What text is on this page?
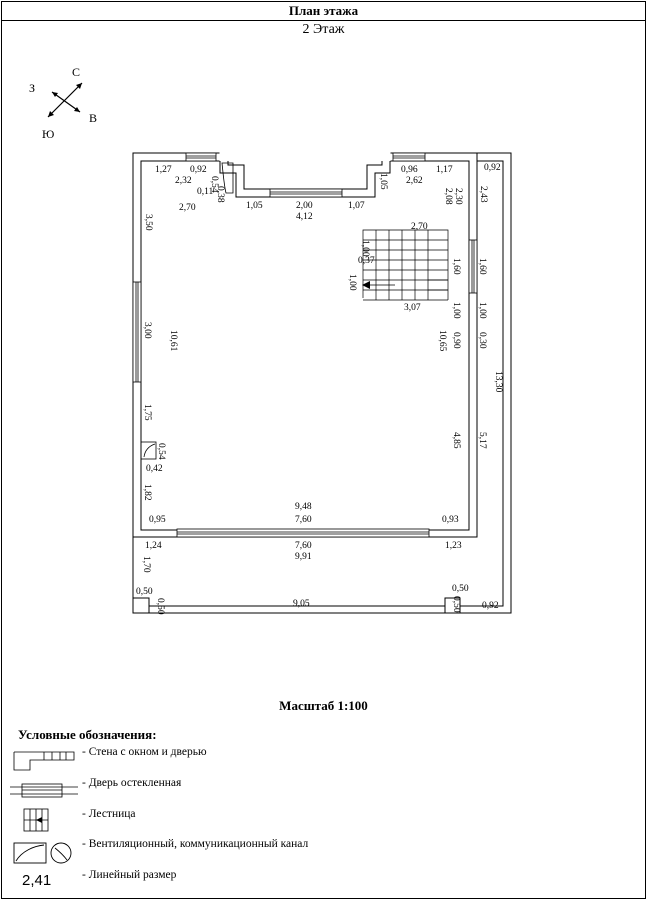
План этажа
2 Этаж
С
З
В
Ю
1,27 0,92
0,54
2,32
0,11 0,38
2,70	1,05	2,00	1,07
4,12
1,05
0,96 1,17
2,62
0,92
2,08 2,30 2,43
3,50	2,70
1,00
0,37	1,60 1,60
1,00
3,07	1,00 1,00
3,00 10,61	10,65 0,90 0,30
13,30
1,75
0,54
0,42
4,85 5,17
1,82
9,48
0,95	7,60	0,93
1,24	7,60	1,23
9,91
1,70
0,50
0,50
0,50
9,05	0,50 0,92
Масштаб 1:100
Условные обозначения:
- Стена с окном и дверью
- Дверь остекленная
- Лестница
- Вентиляционный, коммуникационный канал
- Линейный размер
2,41
